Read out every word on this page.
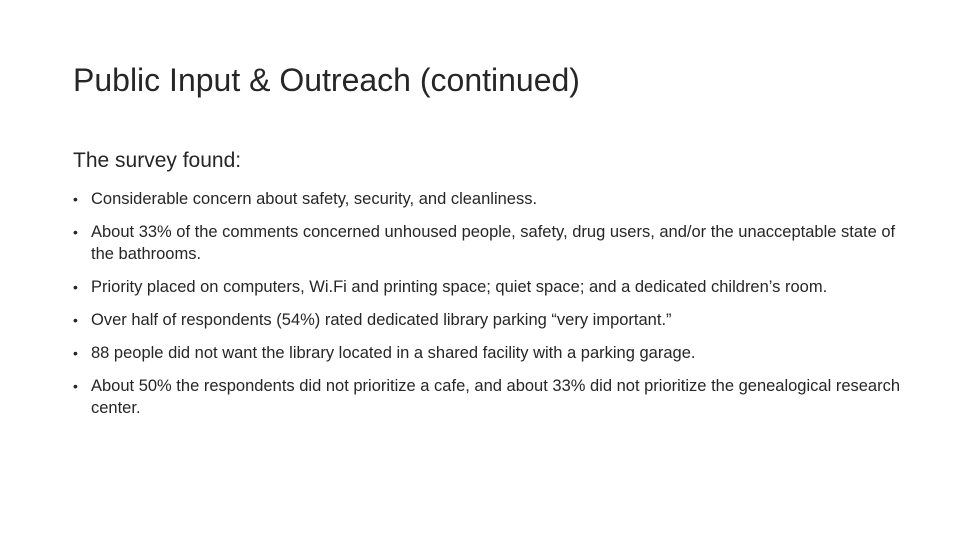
Public Input & Outreach (continued)

The survey found:

• Considerable concern about safety, security, and cleanliness.
• About 33% of the comments concerned unhoused people, safety, drug users, and/or the unacceptable state of the bathrooms.
• Priority placed on computers, Wi.Fi and printing space; quiet space; and a dedicated children’s room.
• Over half of respondents (54%) rated dedicated library parking “very important.”
• 88 people did not want the library located in a shared facility with a parking garage.
• About 50% the respondents did not prioritize a cafe, and about 33% did not prioritize the genealogical research center.
